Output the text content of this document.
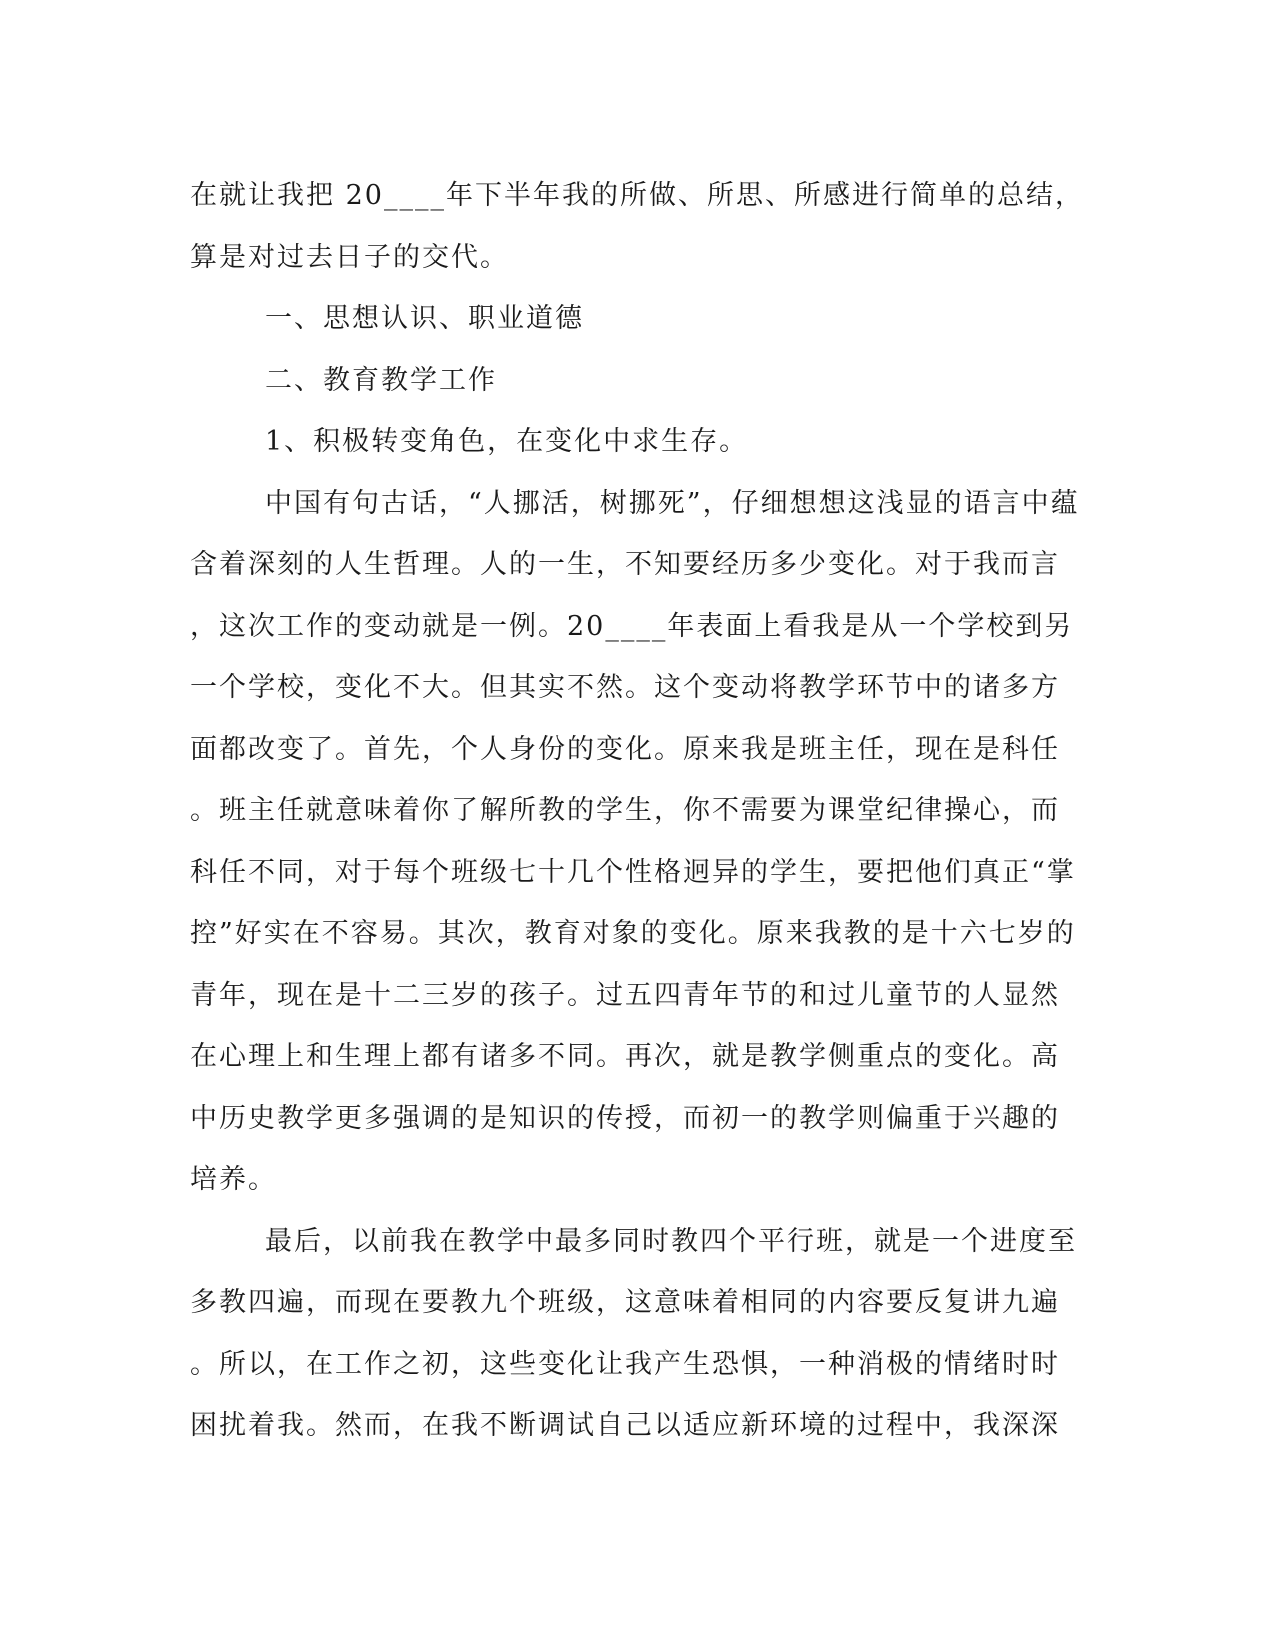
在就让我把 20____年下半年我的所做、所思、所感进行简单的总结，
算是对过去日子的交代。
一、思想认识、职业道德
二、教育教学工作
1、积极转变角色，在变化中求生存。
中国有句古话，“人挪活，树挪死”，仔细想想这浅显的语言中蕴
含着深刻的人生哲理。人的一生，不知要经历多少变化。对于我而言
，这次工作的变动就是一例。20____年表面上看我是从一个学校到另
一个学校，变化不大。但其实不然。这个变动将教学环节中的诸多方
面都改变了。首先，个人身份的变化。原来我是班主任，现在是科任
。班主任就意味着你了解所教的学生，你不需要为课堂纪律操心，而
科任不同，对于每个班级七十几个性格迥异的学生，要把他们真正“掌
控”好实在不容易。其次，教育对象的变化。原来我教的是十六七岁的
青年，现在是十二三岁的孩子。过五四青年节的和过儿童节的人显然
在心理上和生理上都有诸多不同。再次，就是教学侧重点的变化。高
中历史教学更多强调的是知识的传授，而初一的教学则偏重于兴趣的
培养。
最后，以前我在教学中最多同时教四个平行班，就是一个进度至
多教四遍，而现在要教九个班级，这意味着相同的内容要反复讲九遍
。所以，在工作之初，这些变化让我产生恐惧，一种消极的情绪时时
困扰着我。然而，在我不断调试自己以适应新环境的过程中，我深深
